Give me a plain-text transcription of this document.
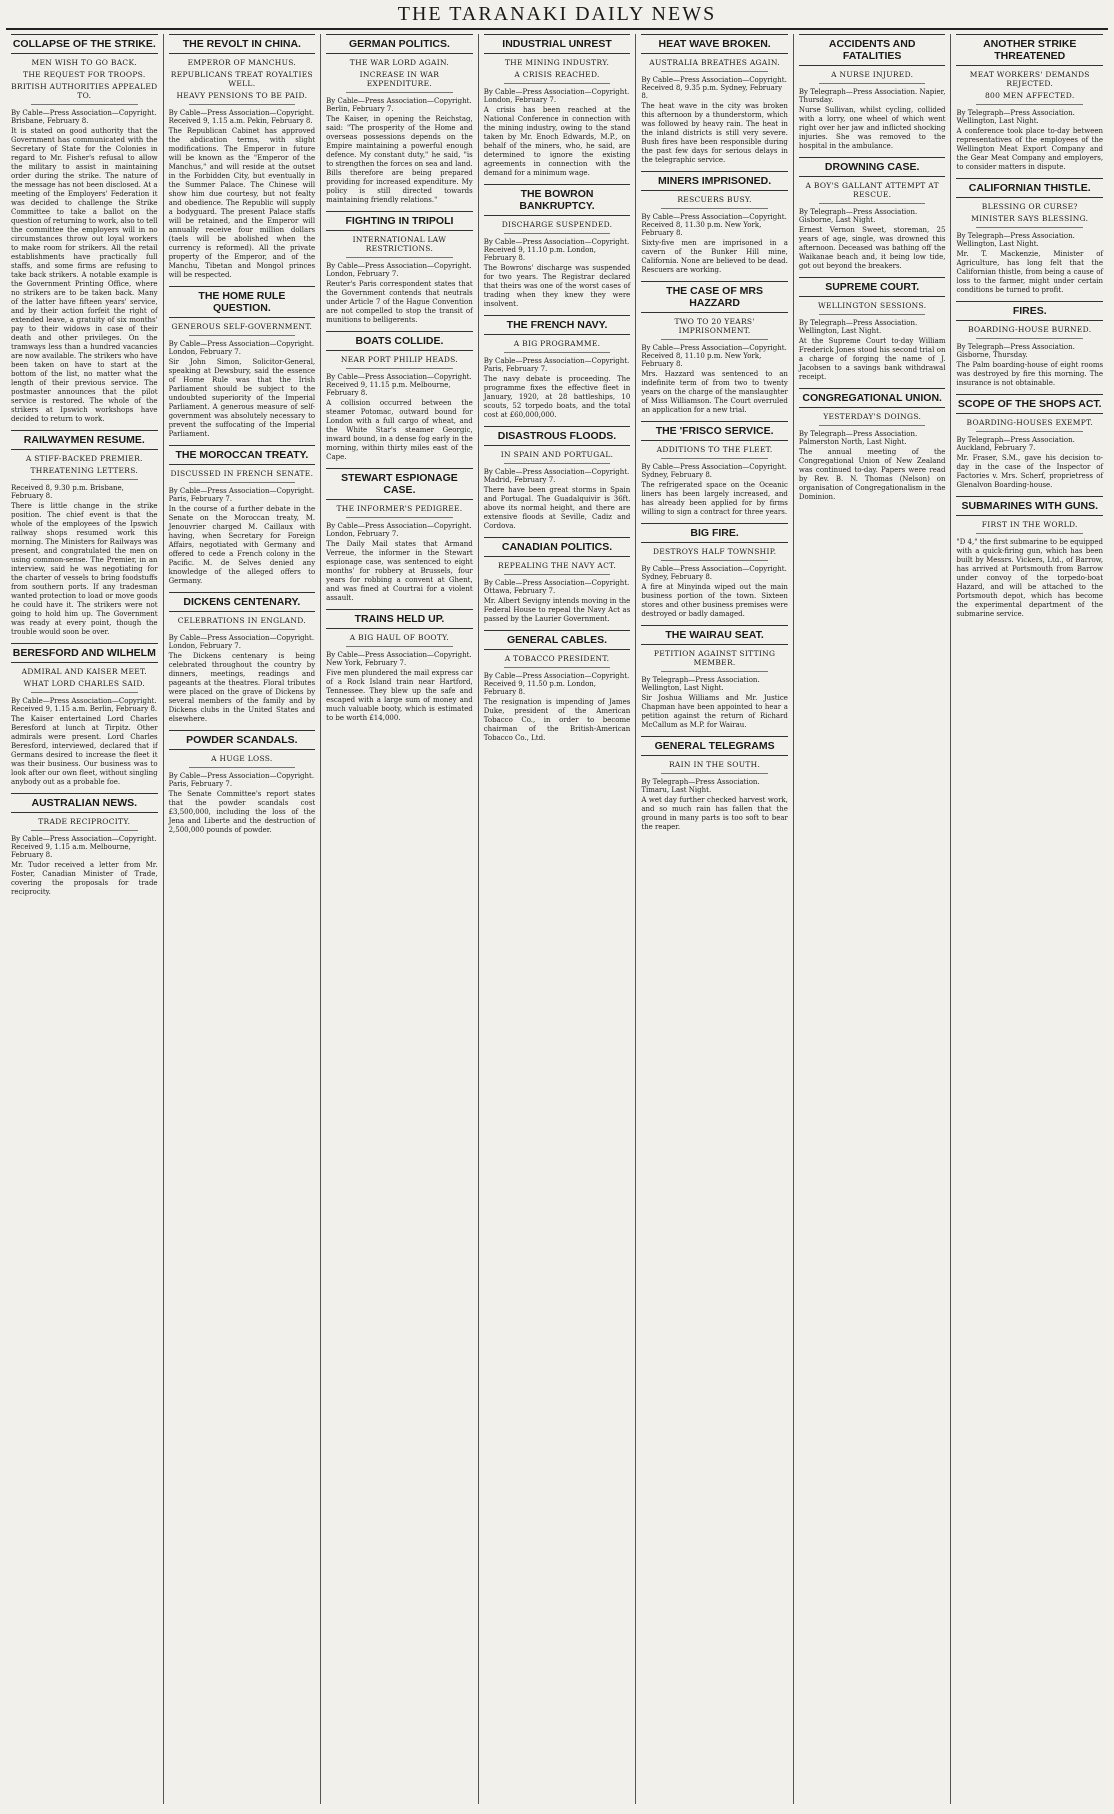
THE TARANAKI DAILY NEWS
COLLAPSE OF THE STRIKE.
MEN WISH TO GO BACK.
THE REQUEST FOR TROOPS.
BRITISH AUTHORITIES APPEALED TO.
By Cable—Press Association—Copyright. Brisbane, February 8.

It is stated on good authority that the Government has communicated with the Secretary of State for the Colonies in regard to Mr. Fisher's refusal to allow the military to assist in maintaining order during the strike. The nature of the message has not been disclosed. At a meeting of the Employers' Federation it was decided to challenge the Strike Committee to take a ballot on the question of returning to work, also to tell the committee the employers will in no circumstances throw out loyal workers to make room for strikers. All the retail establishments have practically full staffs, and some firms are refusing to take back strikers. A notable example is the Government Printing Office, where no strikers are to be taken back. Many of the latter have fifteen years' service, and by their action forfeit the right of extended leave, a gratuity of six months' pay to their widows in case of their death and other privileges. On the tramways less than a hundred vacancies are now available. The strikers who have been taken on have to start at the bottom of the list, no matter what the length of their previous service. The postmaster announces that the pilot service is restored. The whole of the strikers at Ipswich workshops have decided to return to work.

RAILWAYMEN RESUME.
A STIFF-BACKED PREMIER.
THREATENING LETTERS.
Received 8, 9.30 p.m. Brisbane, February 8.

There is little change in the strike position. The chief event is that the whole of the employees of the Ipswich railway shops resumed work this morning. The Ministers for Railways was present, and congratulated the men on using common-sense. The Premier, in an interview, said he was negotiating for the charter of vessels to bring foodstuffs from southern ports. If any tradesman wanted protection to load or move goods he could have it. The strikers were not going to hold him up. The Government was ready at every point, though the trouble would soon be over.

BERESFORD AND WILHELM
ADMIRAL AND KAISER MEET.
WHAT LORD CHARLES SAID.
By Cable—Press Association—Copyright. Received 9, 1.15 a.m. Berlin, February 8.

The Kaiser entertained Lord Charles Beresford at lunch at Tirpitz. Other admirals were present. Lord Charles Beresford, interviewed, declared that if Germans desired to increase the fleet it was their business. Our business was to look after our own fleet, without singling anybody out as a probable foe.

AUSTRALIAN NEWS.
TRADE RECIPROCITY.
By Cable—Press Association—Copyright. Received 9, 1.15 a.m. Melbourne, February 8.

Mr. Tudor received a letter from Mr. Foster, Canadian Minister of Trade, covering the proposals for trade reciprocity.

THE REVOLT IN CHINA.
EMPEROR OF MANCHUS.
REPUBLICANS TREAT ROYALTIES WELL.
HEAVY PENSIONS TO BE PAID.
By Cable—Press Association—Copyright. Received 9, 1.15 a.m. Pekin, February 8.

The Republican Cabinet has approved the abdication terms, with slight modifications. The Emperor in future will be known as the "Emperor of the Manchus," and will reside at the outset in the Forbidden City, but eventually in the Summer Palace. The Chinese will show him due courtesy, but not fealty and obedience. The Republic will supply a bodyguard. The present Palace staffs will be retained, and the Emperor will annually receive four million dollars (taels will be abolished when the currency is reformed). All the private property of the Emperor, and of the Manchu, Tibetan and Mongol princes will be respected.

THE HOME RULE QUESTION.
GENEROUS SELF-GOVERNMENT.
By Cable—Press Association—Copyright. London, February 7.

Sir John Simon, Solicitor-General, speaking at Dewsbury, said the essence of Home Rule was that the Irish Parliament should be subject to the undoubted superiority of the Imperial Parliament. A generous measure of self-government was absolutely necessary to prevent the suffocating of the Imperial Parliament.

THE MOROCCAN TREATY.
DISCUSSED IN FRENCH SENATE.
By Cable—Press Association—Copyright. Paris, February 7.

In the course of a further debate in the Senate on the Moroccan treaty, M. Jenouvrier charged M. Caillaux with having, when Secretary for Foreign Affairs, negotiated with Germany and offered to cede a French colony in the Pacific. M. de Selves denied any knowledge of the alleged offers to Germany.

DICKENS CENTENARY.
CELEBRATIONS IN ENGLAND.
By Cable—Press Association—Copyright. London, February 7.

The Dickens centenary is being celebrated throughout the country by dinners, meetings, readings and pageants at the theatres. Floral tributes were placed on the grave of Dickens by several members of the family and by Dickens clubs in the United States and elsewhere.

POWDER SCANDALS.
A HUGE LOSS.
By Cable—Press Association—Copyright. Paris, February 7.

The Senate Committee's report states that the powder scandals cost £3,500,000, including the loss of the Jena and Liberte and the destruction of 2,500,000 pounds of powder.

GERMAN POLITICS.
THE WAR LORD AGAIN.
INCREASE IN WAR EXPENDITURE.
By Cable—Press Association—Copyright. Berlin, February 7.

The Kaiser, in opening the Reichstag, said: "The prosperity of the Home and overseas possessions depends on the Empire maintaining a powerful enough defence. My constant duty," he said, "is to strengthen the forces on sea and land. Bills therefore are being prepared providing for increased expenditure. My policy is still directed towards maintaining friendly relations."

FIGHTING IN TRIPOLI
INTERNATIONAL LAW RESTRICTIONS.
By Cable—Press Association—Copyright. London, February 7.

Reuter's Paris correspondent states that the Government contends that neutrals under Article 7 of the Hague Convention are not compelled to stop the transit of munitions to belligerents.

BOATS COLLIDE.
NEAR PORT PHILIP HEADS.
By Cable—Press Association—Copyright. Received 9, 11.15 p.m. Melbourne, February 8.

A collision occurred between the steamer Potomac, outward bound for London with a full cargo of wheat, and the White Star's steamer Georgic, inward bound, in a dense fog early in the morning, within thirty miles east of the Cape.

STEWART ESPIONAGE CASE.
THE INFORMER'S PEDIGREE.
By Cable—Press Association—Copyright. London, February 7.

The Daily Mail states that Armand Verreue, the informer in the Stewart espionage case, was sentenced to eight months' for robbery at Brussels, four years for robbing a convent at Ghent, and was fined at Courtrai for a violent assault.

TRAINS HELD UP.
A BIG HAUL OF BOOTY.
By Cable—Press Association—Copyright. New York, February 7.

Five men plundered the mail express car of a Rock Island train near Hartford, Tennessee. They blew up the safe and escaped with a large sum of money and much valuable booty, which is estimated to be worth £14,000.

INDUSTRIAL UNREST
THE MINING INDUSTRY.
A CRISIS REACHED.
By Cable—Press Association—Copyright. London, February 7.

A crisis has been reached at the National Conference in connection with the mining industry, owing to the stand taken by Mr. Enoch Edwards, M.P., on behalf of the miners, who, he said, are determined to ignore the existing agreements in connection with the demand for a minimum wage.

THE BOWRON BANKRUPTCY.
DISCHARGE SUSPENDED.
By Cable—Press Association—Copyright. Received 9, 11.10 p.m. London, February 8.

The Bowrons' discharge was suspended for two years. The Registrar declared that theirs was one of the worst cases of trading when they knew they were insolvent.

THE FRENCH NAVY.
A BIG PROGRAMME.
By Cable—Press Association—Copyright. Paris, February 7.

The navy debate is proceeding. The programme fixes the effective fleet in January, 1920, at 28 battleships, 10 scouts, 52 torpedo boats, and the total cost at £60,000,000.

DISASTROUS FLOODS.
IN SPAIN AND PORTUGAL.
By Cable—Press Association—Copyright. Madrid, February 7.

There have been great storms in Spain and Portugal. The Guadalquivir is 36ft. above its normal height, and there are extensive floods at Seville, Cadiz and Cordova.

CANADIAN POLITICS.
REPEALING THE NAVY ACT.
By Cable—Press Association—Copyright. Ottawa, February 7.

Mr. Albert Sevigny intends moving in the Federal House to repeal the Navy Act as passed by the Laurier Government.

GENERAL CABLES.
A TOBACCO PRESIDENT.
By Cable—Press Association—Copyright. Received 9, 11.50 p.m. London, February 8.

The resignation is impending of James Duke, president of the American Tobacco Co., in order to become chairman of the British-American Tobacco Co., Ltd.

HEAT WAVE BROKEN.
AUSTRALIA BREATHES AGAIN.
By Cable—Press Association—Copyright. Received 8, 9.35 p.m. Sydney, February 8.

The heat wave in the city was broken this afternoon by a thunderstorm, which was followed by heavy rain. The heat in the inland districts is still very severe. Bush fires have been responsible during the past few days for serious delays in the telegraphic service.

MINERS IMPRISONED.
RESCUERS BUSY.
By Cable—Press Association—Copyright. Received 8, 11.30 p.m. New York, February 8.

Sixty-five men are imprisoned in a cavern of the Bunker Hill mine, California. None are believed to be dead. Rescuers are working.

THE CASE OF MRS HAZZARD
TWO TO 20 YEARS' IMPRISONMENT.
By Cable—Press Association—Copyright. Received 8, 11.10 p.m. New York, February 8.

Mrs. Hazzard was sentenced to an indefinite term of from two to twenty years on the charge of the manslaughter of Miss Williamson. The Court overruled an application for a new trial.

THE 'FRISCO SERVICE.
ADDITIONS TO THE FLEET.
By Cable—Press Association—Copyright. Sydney, February 8.

The refrigerated space on the Oceanic liners has been largely increased, and has already been applied for by firms willing to sign a contract for three years.

BIG FIRE.
DESTROYS HALF TOWNSHIP.
By Cable—Press Association—Copyright. Sydney, February 8.

A fire at Minyinda wiped out the main business portion of the town. Sixteen stores and other business premises were destroyed or badly damaged.

THE WAIRAU SEAT.
PETITION AGAINST SITTING MEMBER.
By Telegraph—Press Association. Wellington, Last Night.

Sir Joshua Williams and Mr. Justice Chapman have been appointed to hear a petition against the return of Richard McCallum as M.P. for Wairau.

GENERAL TELEGRAMS
RAIN IN THE SOUTH.
By Telegraph—Press Association. Timaru, Last Night.

A wet day further checked harvest work, and so much rain has fallen that the ground in many parts is too soft to bear the reaper.

ACCIDENTS AND FATALITIES
A NURSE INJURED.
By Telegraph—Press Association. Napier, Thursday.

Nurse Sullivan, whilst cycling, collided with a lorry, one wheel of which went right over her jaw and inflicted shocking injuries. She was removed to the hospital in the ambulance.

DROWNING CASE.
A BOY'S GALLANT ATTEMPT AT RESCUE.
By Telegraph—Press Association. Gisborne, Last Night.

Ernest Vernon Sweet, storeman, 25 years of age, single, was drowned this afternoon. Deceased was bathing off the Waikanae beach and, it being low tide, got out beyond the breakers.

SUPREME COURT.
WELLINGTON SESSIONS.
By Telegraph—Press Association. Wellington, Last Night.

At the Supreme Court to-day William Frederick Jones stood his second trial on a charge of forging the name of J. Jacobsen to a savings bank withdrawal receipt.

CONGREGATIONAL UNION.
YESTERDAY'S DOINGS.
By Telegraph—Press Association. Palmerston North, Last Night.

The annual meeting of the Congregational Union of New Zealand was continued to-day. Papers were read by Rev. B. N. Thomas (Nelson) on organisation of Congregationalism in the Dominion.

ANOTHER STRIKE THREATENED
MEAT WORKERS' DEMANDS REJECTED.
800 MEN AFFECTED.
By Telegraph—Press Association. Wellington, Last Night.

A conference took place to-day between representatives of the employees of the Wellington Meat Export Company and the Gear Meat Company and employers, to consider matters in dispute.

CALIFORNIAN THISTLE.
BLESSING OR CURSE?
MINISTER SAYS BLESSING.
By Telegraph—Press Association. Wellington, Last Night.

Mr. T. Mackenzie, Minister of Agriculture, has long felt that the Californian thistle, from being a cause of loss to the farmer, might under certain conditions be turned to profit.

FIRES.
BOARDING-HOUSE BURNED.
By Telegraph—Press Association. Gisborne, Thursday.

The Palm boarding-house of eight rooms was destroyed by fire this morning. The insurance is not obtainable.

SCOPE OF THE SHOPS ACT.
BOARDING-HOUSES EXEMPT.
By Telegraph—Press Association. Auckland, February 7.

Mr. Fraser, S.M., gave his decision to-day in the case of the Inspector of Factories v. Mrs. Scherf, proprietress of Glenalvon Boarding-house.

SUBMARINES WITH GUNS.
FIRST IN THE WORLD.

"D 4," the first submarine to be equipped with a quick-firing gun, which has been built by Messrs. Vickers, Ltd., of Barrow, has arrived at Portsmouth from Barrow under convoy of the torpedo-boat Hazard, and will be attached to the Portsmouth depot, which has become the experimental department of the submarine service.
